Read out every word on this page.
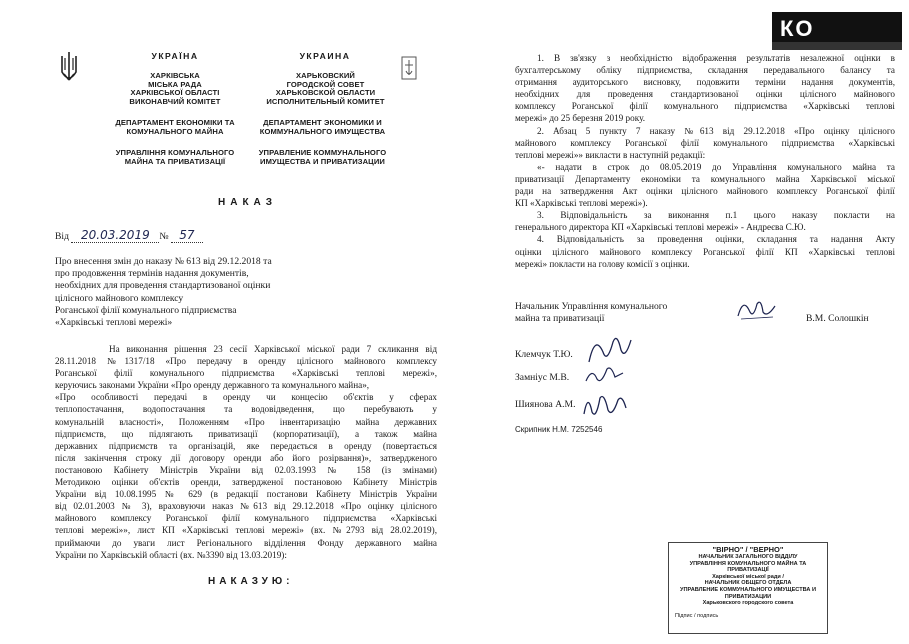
УКРАЇНА
ХАРКІВСЬКА
МІСЬКА РАДА
ХАРКІВСЬКОЇ ОБЛАСТІ
ВИКОНАВЧИЙ КОМІТЕТ
ДЕПАРТАМЕНТ ЕКОНОМІКИ ТА
КОМУНАЛЬНОГО МАЙНА
УПРАВЛІННЯ КОМУНАЛЬНОГО
МАЙНА ТА ПРИВАТИЗАЦІЇ
УКРАИНА
ХАРЬКОВСКИЙ
ГОРОДСКОЙ СОВЕТ
ХАРЬКОВСКОЙ ОБЛАСТИ
ИСПОЛНИТЕЛЬНЫЙ КОМИТЕТ
ДЕПАРТАМЕНТ ЭКОНОМИКИ И
КОММУНАЛЬНОГО ИМУЩЕСТВА
УПРАВЛЕНИЕ КОММУНАЛЬНОГО
ИМУЩЕСТВА И ПРИВАТИЗАЦИИ
НАКАЗ
Від 20.03.2019 № 57
Про внесення змін до наказу № 613 від 29.12.2018 та
про продовження термінів надання документів,
необхідних для проведення стандартизованої оцінки
цілісного майнового комплексу
Роганської філії комунального підприємства
«Харківські теплові мережі»
На виконання рішення 23 сесії Харківської міської ради 7 скликання від
28.11.2018 №1317/18 «Про передачу в оренду цілісного майнового комплексу
Роганської філії комунального підприємства «Харківські теплові мережі»,
керуючись законами України «Про оренду державного та комунального майна»,
«Про особливості передачі в оренду чи концесію об'єктів у сферах
теплопостачання, водопостачання та водовідведення, що перебувають у
комунальній власності», Положенням «Про інвентаризацію майна державних
підприємств, що підлягають приватизації (корпоратизації), а також майна
державних підприємств та організацій, яке передається в оренду (повертається
після закінчення строку дії договору оренди або його розірвання)», затвердженого
постановою Кабінету Міністрів України від 02.03.1993 № 158 (із змінами)
Методикою оцінки об'єктів оренди, затвердженої постановою Кабінету Міністрів
України від 10.08.1995 № 629 (в редакції постанови Кабінету Міністрів України
від 02.01.2003 № 3), враховуючи наказ №613 від 29.12.2018 «Про оцінку цілісного
майнового комплексу Роганської філії комунального підприємства «Харківські
теплові мережі»», лист КП «Харківські теплові мережі» (вх. №2793 від 28.02.2019),
приймаючи до уваги лист Регіонального відділення Фонду державного майна
України по Харківській області (вх. №3390 від 13.03.2019):
НАКАЗУЮ:
1. В зв'язку з необхідністю відображення результатів незалежної оцінки в
бухгалтерському обліку підприємства, складання передавального балансу та
отримання аудиторського висновку, подовжити терміни надання документів,
необхідних для проведення стандартизованої оцінки цілісного майнового
комплексу Роганської філії комунального підприємства «Харківські теплові
мережі» до 25 березня 2019 року.
2. Абзац 5 пункту 7 наказу №613 від 29.12.2018 «Про оцінку цілісного
майнового комплексу Роганської філії комунального підприємства «Харківські
теплові мережі»» викласти в наступній редакції:
«- надати в строк до 08.05.2019 до Управління комунального майна та
приватизації Департаменту економіки та комунального майна Харківської міської
ради на затвердження Акт оцінки цілісного майнового комплексу Роганської філії
КП «Харківські теплові мережі»).
3. Відповідальність за виконання п.1 цього наказу покласти на
генерального директора КП «Харківські теплові мережі» - Андреєва С.Ю.
4. Відповідальність за проведення оцінки, складання та надання Акту
оцінки цілісного майнового комплексу Роганської філії КП «Харківські теплові
мережі» покласти на голову комісії з оцінки.
Начальник Управління комунального
майна та приватизації	В.М. Солошкін
Клемчук Т.Ю.
Замніус М.В.
Шиянова А.М.
Скрипник Н.М. 7252546
"ВІРНО" / "ВЕРНО"
НАЧАЛЬНИК ЗАГАЛЬНОГО ВІДДІЛУ
УПРАВЛІННЯ КОМУНАЛЬНОГО МАЙНА ТА ПРИВАТИЗАЦІЇ
Харківської міської ради /
НАЧАЛЬНИК ОБЩЕГО ОТДЕЛА
УПРАВЛЕНИЕ КОММУНАЛЬНОГО ИМУЩЕСТВА И ПРИВАТИЗАЦИИ
Харьковского городского совета
Підпис / подпись
КО
